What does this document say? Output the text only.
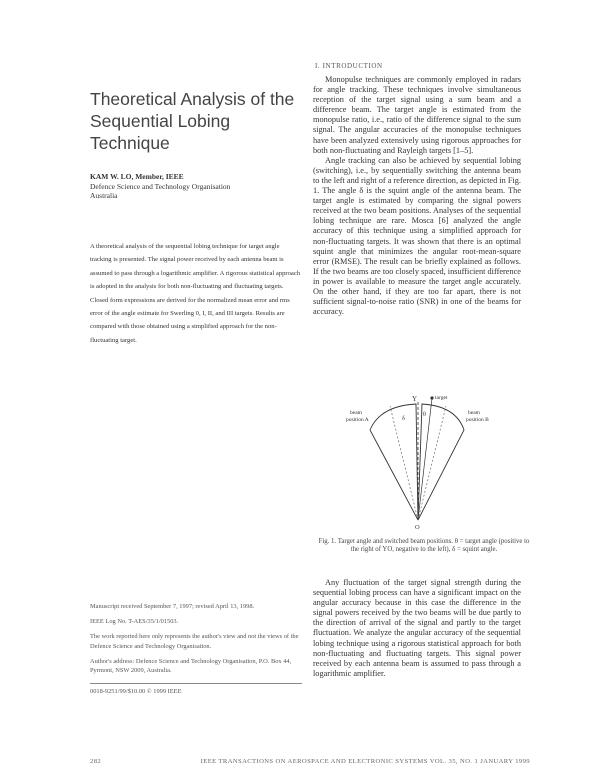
Theoretical Analysis of the Sequential Lobing Technique
KAM W. LO, Member, IEEE
Defence Science and Technology Organisation
Australia
A theoretical analysis of the sequential lobing technique for target angle tracking is presented. The signal power received by each antenna beam is assumed to pass through a logarithmic amplifier. A rigorous statistical approach is adopted in the analysis for both non-fluctuating and fluctuating targets. Closed form expressions are derived for the normalized mean error and rms error of the angle estimate for Swerling 0, I, II, and III targets. Results are compared with those obtained using a simplified approach for the non-fluctuating target.

Manuscript received September 7, 1997; revised April 13, 1998.

IEEE Log No. T-AES/35/1/01503.

The work reported here only represents the author's view and not the views of the Defence Science and Technology Organisation.

Author's address: Defence Science and Technology Organisation, P.O. Box 44, Pyrmont, NSW 2009, Australia.

0018-9251/99/$10.00 © 1999 IEEE
I. INTRODUCTION

Monopulse techniques are commonly employed in radars for angle tracking. These techniques involve simultaneous reception of the target signal using a sum beam and a difference beam. The target angle is estimated from the monopulse ratio, i.e., ratio of the difference signal to the sum signal. The angular accuracies of the monopulse techniques have been analyzed extensively using rigorous approaches for both non-fluctuating and Rayleigh targets [1–5].

Angle tracking can also be achieved by sequential lobing (switching), i.e., by sequentially switching the antenna beam to the left and right of a reference direction, as depicted in Fig. 1. The angle δ is the squint angle of the antenna beam. The target angle is estimated by comparing the signal powers received at the two beam positions. Analyses of the sequential lobing technique are rare. Mosca [6] analyzed the angle accuracy of this technique using a simplified approach for non-fluctuating targets. It was shown that there is an optimal squint angle that minimizes the angular root-mean-square error (RMSE). The result can be briefly explained as follows. If the two beams are too closely spaced, insufficient difference in power is available to measure the target angle accurately. On the other hand, if they are too far apart, there is not sufficient signal-to-noise ratio (SNR) in one of the beams for accuracy.

Y	target
θ
δ
beam
position A
beam
position B
O
Fig. 1. Target angle and switched beam positions. θ = target angle (positive to the right of YO, negative to the left), δ = squint angle.

Any fluctuation of the target signal strength during the sequential lobing process can have a significant impact on the angular accuracy because in this case the difference in the signal powers received by the two beams will be due partly to the direction of arrival of the signal and partly to the target fluctuation. We analyze the angular accuracy of the sequential lobing technique using a rigorous statistical approach for both non-fluctuating and fluctuating targets. This signal power received by each antenna beam is assumed to pass through a logarithmic amplifier.

282	IEEE TRANSACTIONS ON AEROSPACE AND ELECTRONIC SYSTEMS VOL. 35, NO. 1 JANUARY 1999
